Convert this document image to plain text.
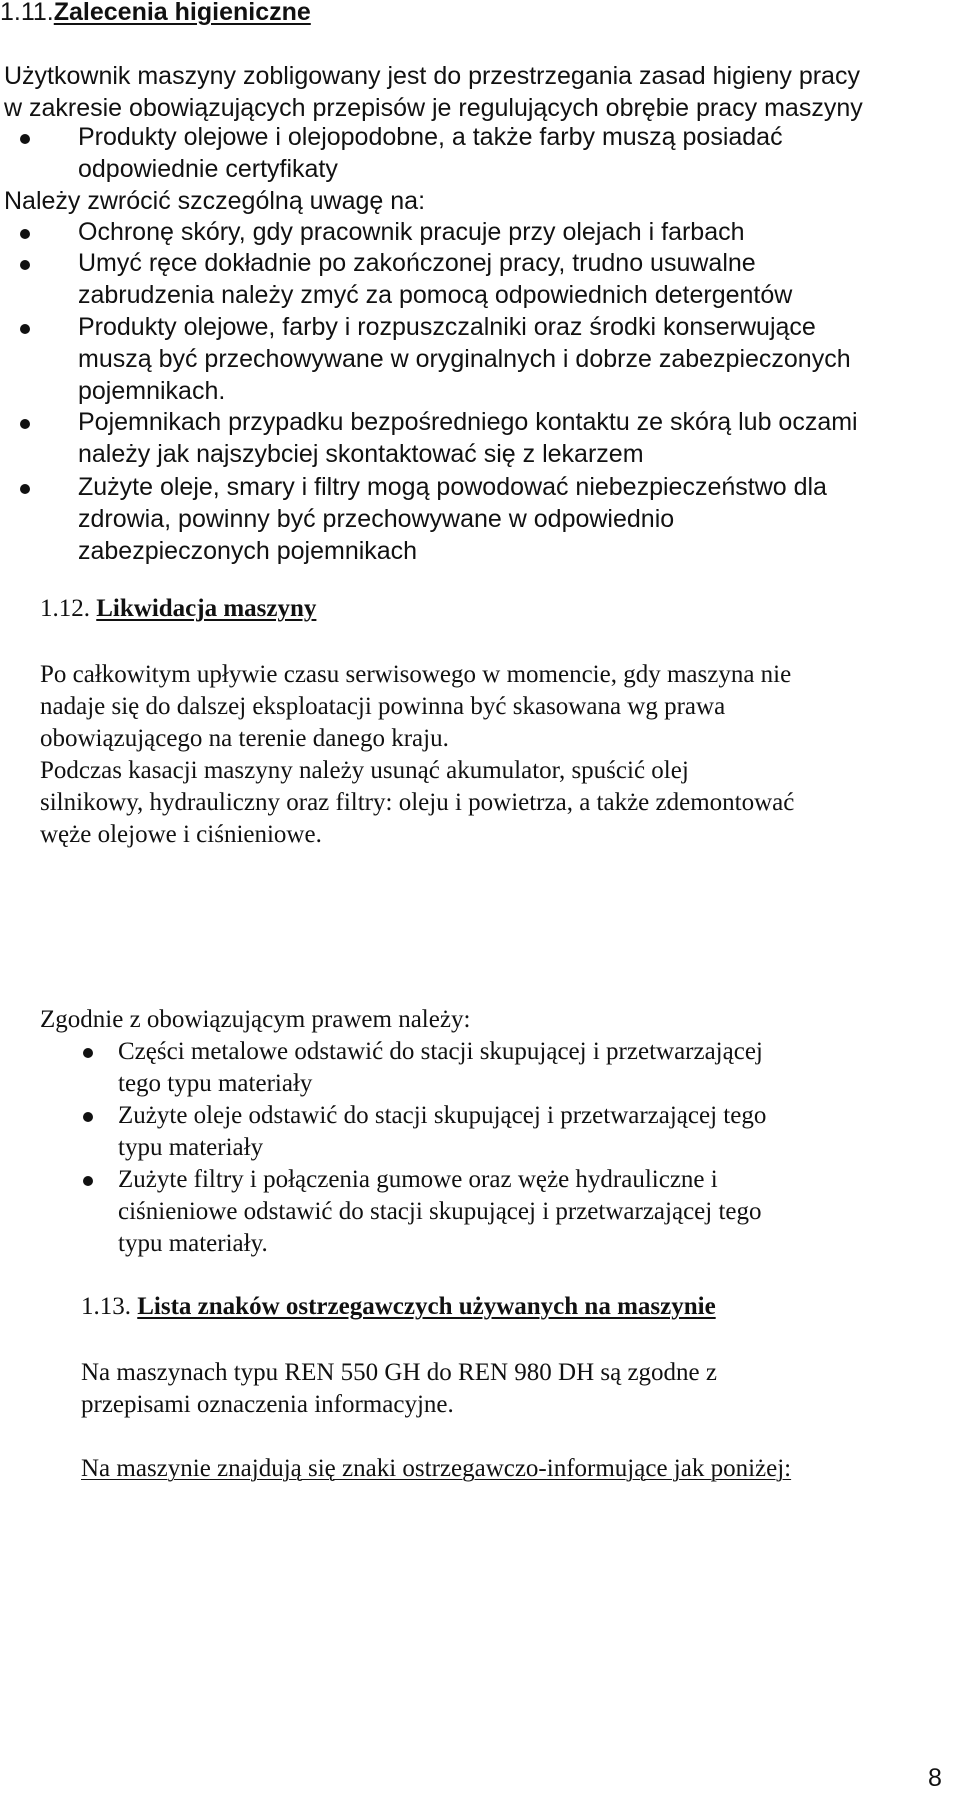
1.11.Zalecenia higieniczne
Użytkownik maszyny zobligowany jest do przestrzegania zasad higieny pracy
w zakresie obowiązujących przepisów je regulujących obrębie pracy maszyny
Produkty olejowe i olejopodobne, a także farby muszą posiadać
odpowiednie certyfikaty
Należy zwrócić szczególną uwagę na:
Ochronę skóry, gdy pracownik pracuje przy olejach i farbach
Umyć ręce dokładnie po zakończonej pracy, trudno usuwalne
zabrudzenia należy zmyć za pomocą odpowiednich detergentów
Produkty olejowe, farby i rozpuszczalniki oraz środki konserwujące
muszą być przechowywane w oryginalnych i dobrze zabezpieczonych
pojemnikach.
Pojemnikach przypadku bezpośredniego kontaktu ze skórą lub oczami
należy jak najszybciej skontaktować się z lekarzem
Zużyte oleje, smary i filtry mogą powodować niebezpieczeństwo dla
zdrowia, powinny być przechowywane w odpowiednio
zabezpieczonych pojemnikach
1.12. Likwidacja maszyny
Po całkowitym upływie czasu serwisowego w momencie, gdy maszyna nie
nadaje się do dalszej eksploatacji powinna być skasowana wg prawa
obowiązującego na terenie danego kraju.
Podczas kasacji maszyny należy usunąć akumulator, spuścić olej
silnikowy, hydrauliczny oraz filtry: oleju i powietrza, a także zdemontować
węże olejowe i ciśnieniowe.
Zgodnie z obowiązującym prawem należy:
Części metalowe odstawić do stacji skupującej i przetwarzającej
tego typu materiały
Zużyte oleje odstawić do stacji skupującej i przetwarzającej tego
typu materiały
Zużyte filtry i połączenia gumowe oraz węże hydrauliczne i
ciśnieniowe odstawić do stacji skupującej i przetwarzającej tego
typu materiały.
1.13. Lista znaków ostrzegawczych używanych na maszynie
Na maszynach typu REN 550 GH do REN 980 DH są zgodne z
przepisami oznaczenia informacyjne.
Na maszynie znajdują się znaki ostrzegawczo-informujące jak poniżej:
8
